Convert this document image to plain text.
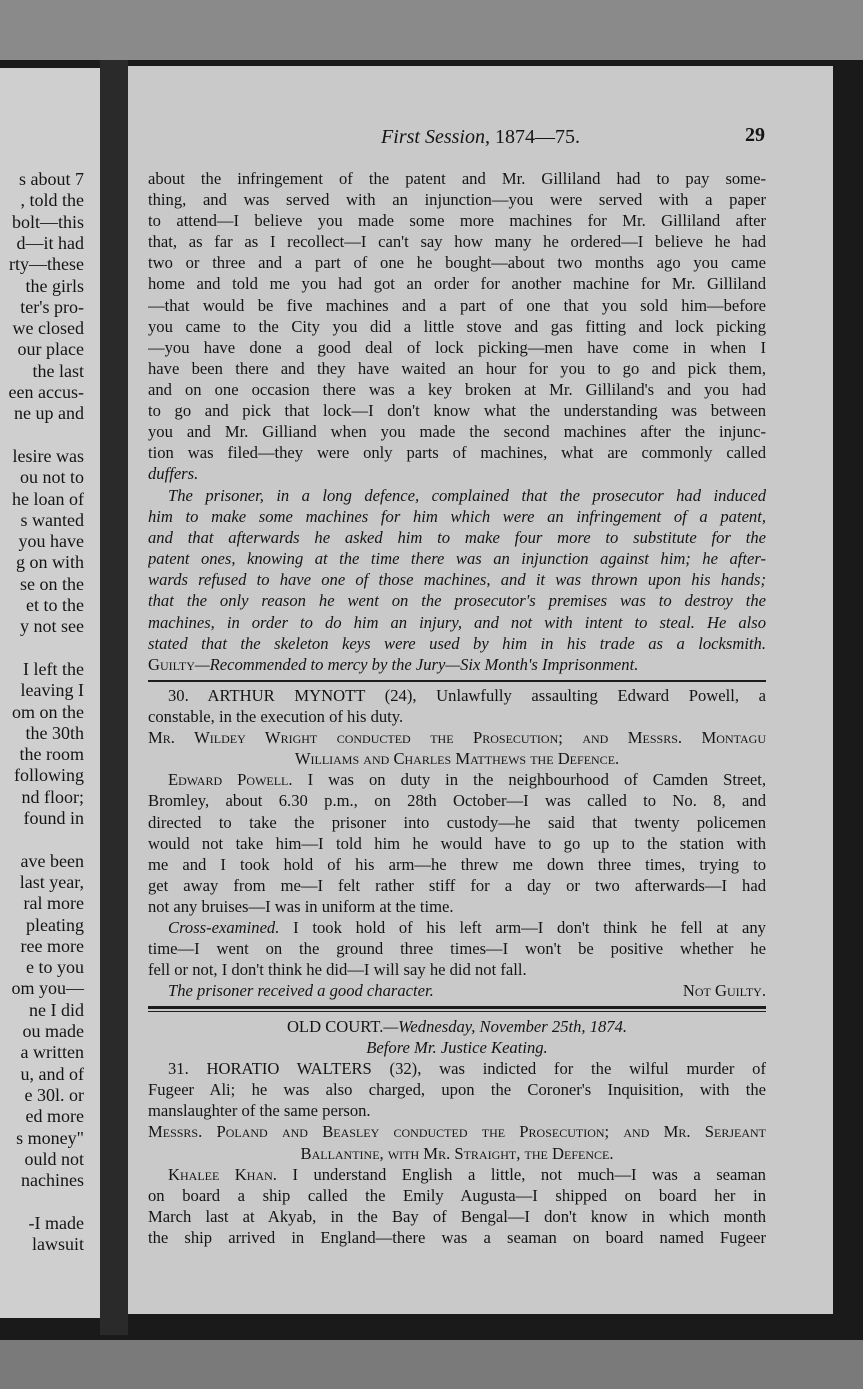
s about 7
, told the
bolt—this
d—it had
rty—these
the girls
ter's pro-
we closed
our place
the last
een accus-
ne up and
lesire was
ou not to
he loan of
s wanted
you have
g on with
se on the
et to the
y not see
I left the
leaving I
om on the
the 30th
the room
following
nd floor;
found in
ave been
last year,
ral more
pleating
ree more
e to you
om you—
ne I did
ou made
a written
u, and of
e 30l. or
ed more
s money"
ould not
nachines
-I made
lawsuit
First Session, 1874—75.	29
about the infringement of the patent and Mr. Gilliland had to pay some-
thing, and was served with an injunction—you were served with a paper
to attend—I believe you made some more machines for Mr. Gilliland after
that, as far as I recollect—I can't say how many he ordered—I believe he had
two or three and a part of one he bought—about two months ago you came
home and told me you had got an order for another machine for Mr. Gilliland
—that would be five machines and a part of one that you sold him—before
you came to the City you did a little stove and gas fitting and lock picking
—you have done a good deal of lock picking—men have come in when I
have been there and they have waited an hour for you to go and pick them,
and on one occasion there was a key broken at Mr. Gilliland's and you had
to go and pick that lock—I don't know what the understanding was between
you and Mr. Gilliand when you made the second machines after the injunc-
tion was filed—they were only parts of machines, what are commonly called
duffers.
The prisoner, in a long defence, complained that the prosecutor had induced
him to make some machines for him which were an infringement of a patent,
and that afterwards he asked him to make four more to substitute for the
patent ones, knowing at the time there was an injunction against him; he after-
wards refused to have one of those machines, and it was thrown upon his hands;
that the only reason he went on the prosecutor's premises was to destroy the
machines, in order to do him an injury, and not with intent to steal. He also
stated that the skeleton keys were used by him in his trade as a locksmith.
Guilty—Recommended to mercy by the Jury—Six Month's Imprisonment.
30. ARTHUR MYNOTT (24), Unlawfully assaulting Edward Powell, a
constable, in the execution of his duty.
Mr. Wildey Wright conducted the Prosecution; and Messrs. Montagu
Williams and Charles Matthews the Defence.
Edward Powell. I was on duty in the neighbourhood of Camden Street,
Bromley, about 6.30 p.m., on 28th October—I was called to No. 8, and
directed to take the prisoner into custody—he said that twenty policemen
would not take him—I told him he would have to go up to the station with
me and I took hold of his arm—he threw me down three times, trying to
get away from me—I felt rather stiff for a day or two afterwards—I had
not any bruises—I was in uniform at the time.
Cross-examined. I took hold of his left arm—I don't think he fell at any
time—I went on the ground three times—I won't be positive whether he
fell or not, I don't think he did—I will say he did not fall.
The prisoner received a good character.	Not Guilty.
OLD COURT.—Wednesday, November 25th, 1874.
Before Mr. Justice Keating.
31. HORATIO WALTERS (32), was indicted for the wilful murder of
Fugeer Ali; he was also charged, upon the Coroner's Inquisition, with the
manslaughter of the same person.
Messrs. Poland and Beasley conducted the Prosecution; and Mr. Serjeant
Ballantine, with Mr. Straight, the Defence.
Khalee Khan. I understand English a little, not much—I was a seaman
on board a ship called the Emily Augusta—I shipped on board her in
March last at Akyab, in the Bay of Bengal—I don't know in which month
the ship arrived in England—there was a seaman on board named Fugeer
